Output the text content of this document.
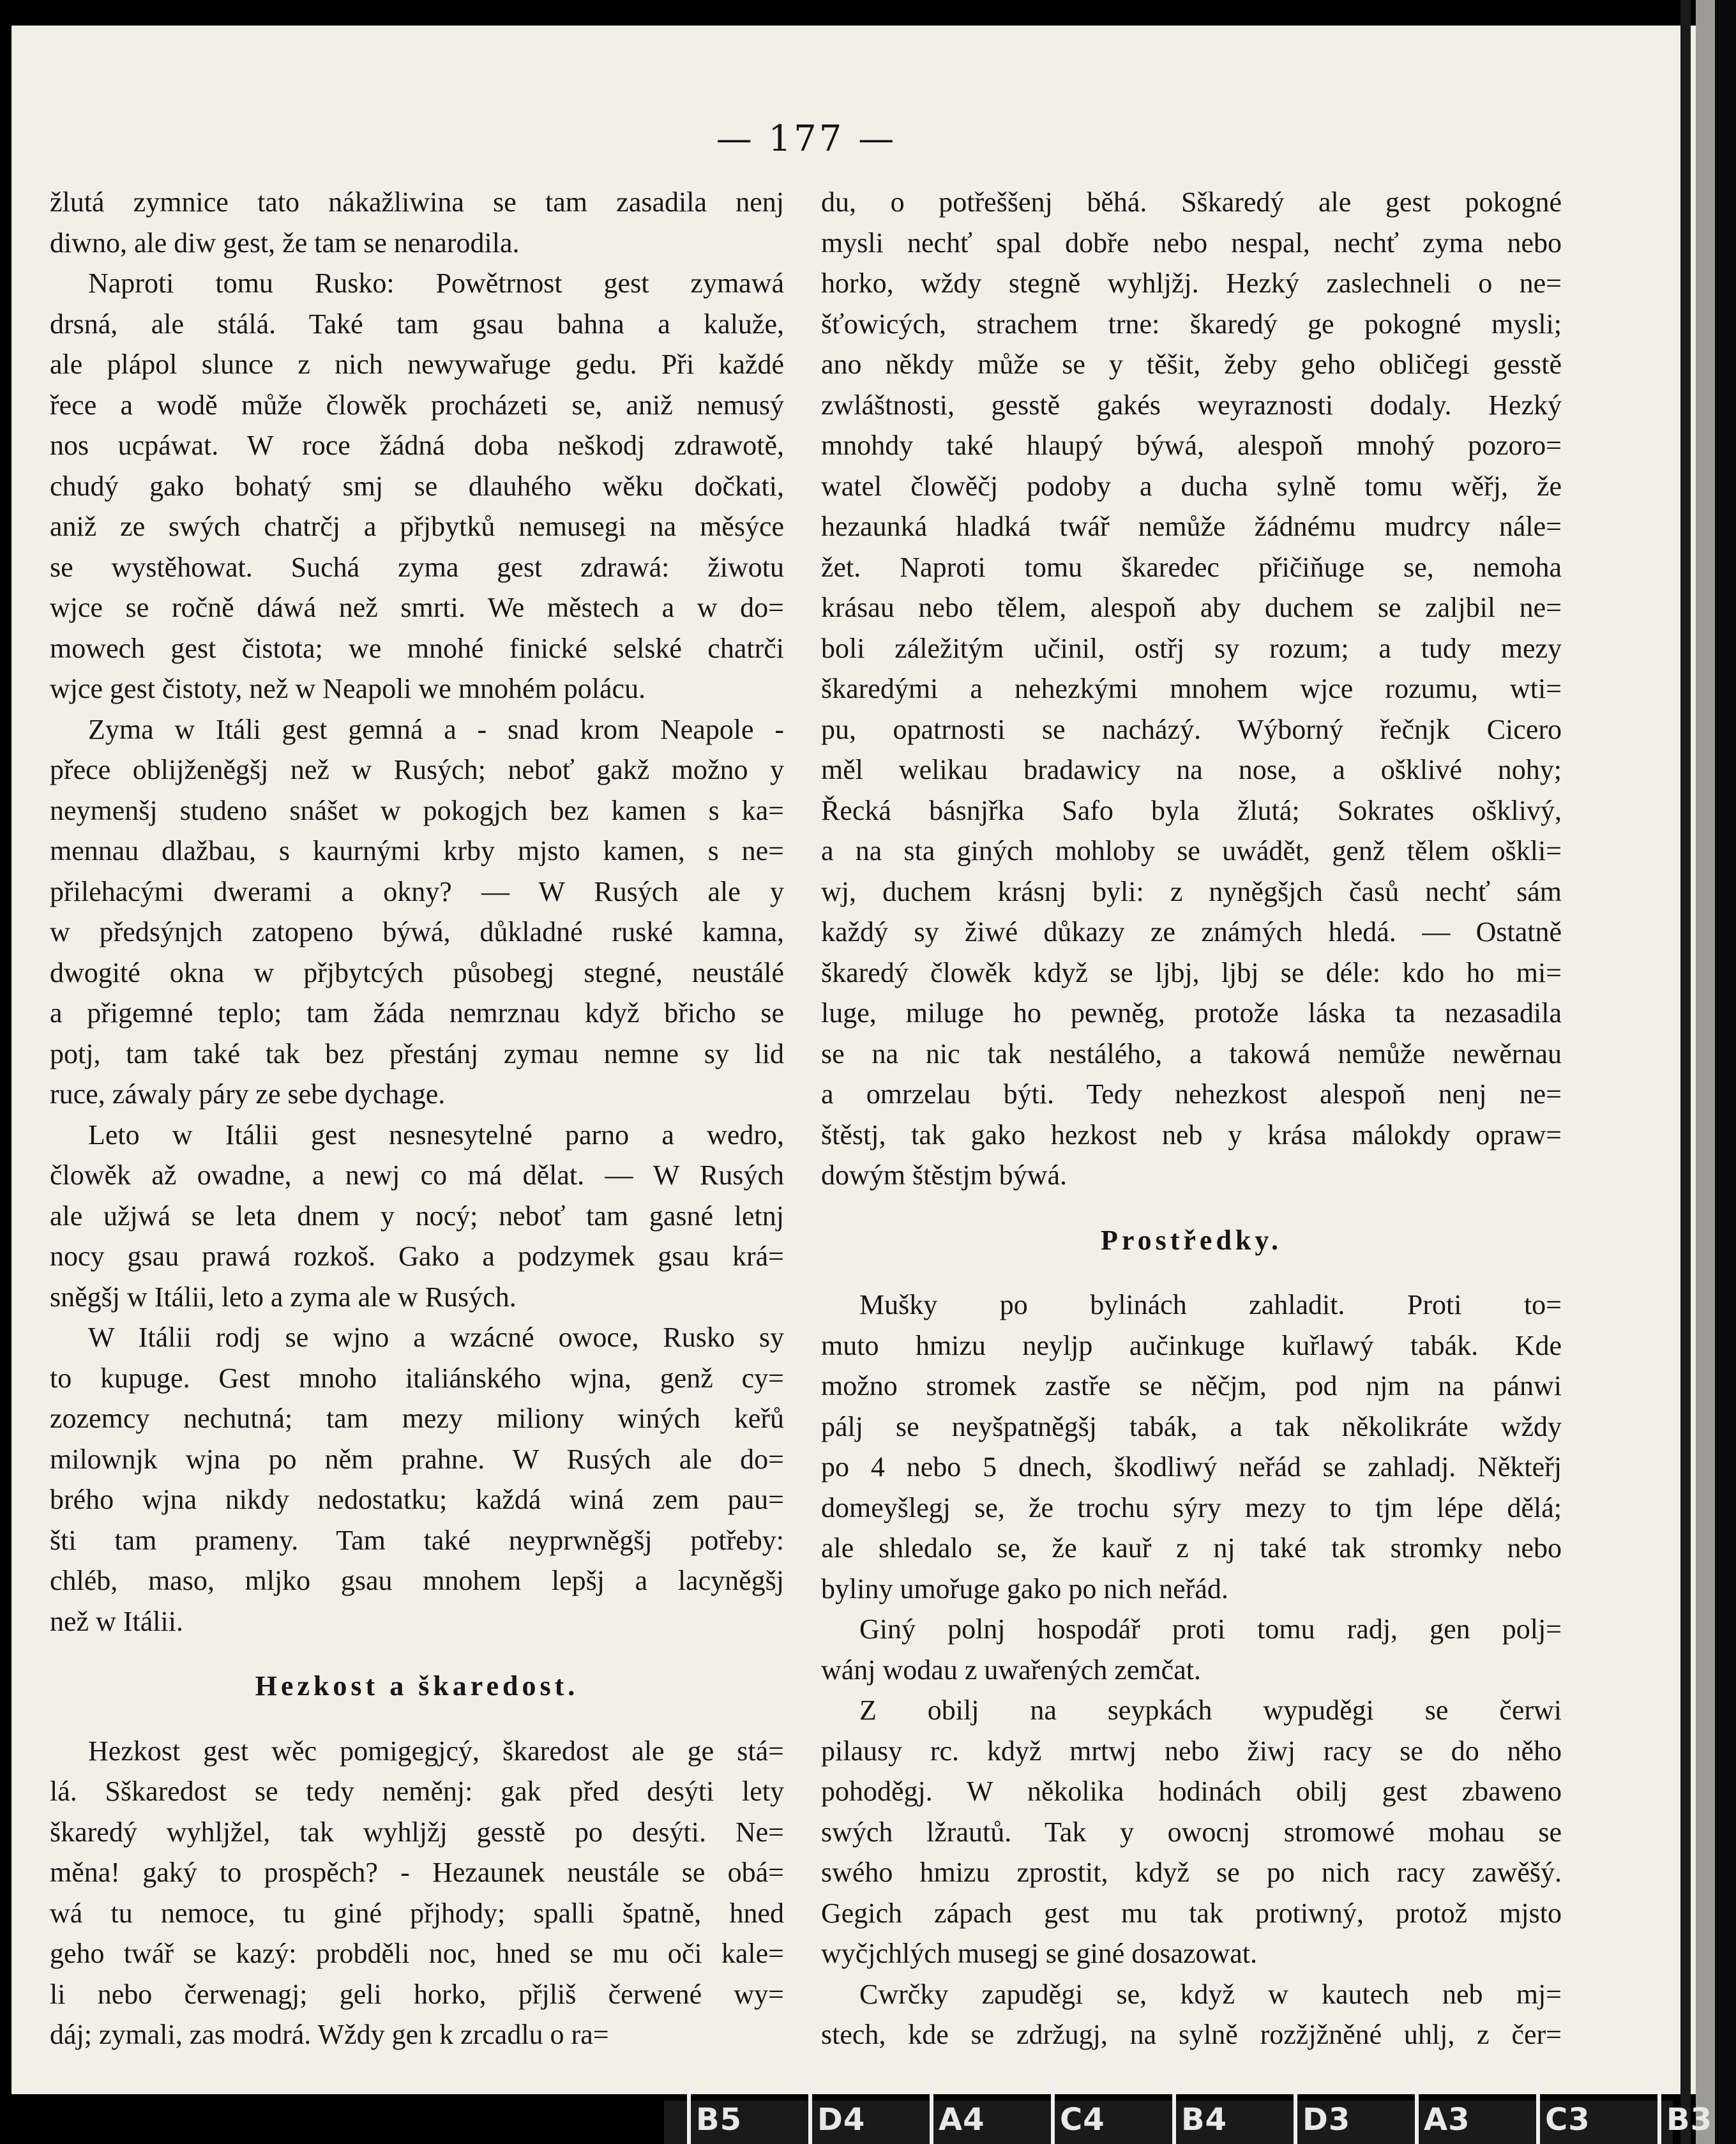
— 177 —
žlutá zymnice tato nákažliwina se tam zasadila nenj
diwno, ale diw gest, že tam se nenarodila.
Naproti tomu Rusko: Powětrnost gest zymawá
drsná, ale stálá. Také tam gsau bahna a kaluže,
ale plápol slunce z nich newywařuge gedu. Při každé
řece a wodě může člowěk procházeti se, aniž nemusý
nos ucpáwat. W roce žádná doba neškodj zdrawotě,
chudý gako bohatý smj se dlauhého wěku dočkati,
aniž ze swých chatrčj a přjbytků nemusegi na měsýce
se wystěhowat. Suchá zyma gest zdrawá: žiwotu
wjce se ročně dáwá než smrti. We městech a w do=
mowech gest čistota; we mnohé finické selské chatrči
wjce gest čistoty, než w Neapoli we mnohém polácu.
Zyma w Itáli gest gemná a - snad krom Neapole -
přece oblijženěgšj než w Rusých; neboť gakž možno y
neymenšj studeno snášet w pokogjch bez kamen s ka=
mennau dlažbau, s kaurnými krby mjsto kamen, s ne=
přilehacými dwerami a okny? — W Rusých ale y
w předsýnjch zatopeno býwá, důkladné ruské kamna,
dwogité okna w přjbytcých působegj stegné, neustálé
a přigemné teplo; tam žáda nemrznau když břicho se
potj, tam také tak bez přestánj zymau nemne sy lid
ruce, záwaly páry ze sebe dychage.
Leto w Itálii gest nesnesytelné parno a wedro,
člowěk až owadne, a newj co má dělat. — W Rusých
ale užjwá se leta dnem y nocý; neboť tam gasné letnj
nocy gsau prawá rozkoš. Gako a podzymek gsau krá=
sněgšj w Itálii, leto a zyma ale w Rusých.
W Itálii rodj se wjno a wzácné owoce, Rusko sy
to kupuge. Gest mnoho italiánského wjna, genž cy=
zozemcy nechutná; tam mezy miliony winých keřů
milownjk wjna po něm prahne. W Rusých ale do=
brého wjna nikdy nedostatku; každá winá zem pau=
šti tam prameny. Tam také neyprwněgšj potřeby:
chléb, maso, mljko gsau mnohem lepšj a lacyněgšj
než w Itálii.
Hezkost a škaredost.
Hezkost gest wěc pomigegjcý, škaredost ale ge stá=
lá. Sškaredost se tedy neměnj: gak před desýti lety
škaredý wyhljžel, tak wyhljžj gesstě po desýti. Ne=
měna! gaký to prospěch? - Hezaunek neustále se obá=
wá tu nemoce, tu giné přjhody; spalli špatně, hned
geho twář se kazý: probděli noc, hned se mu oči kale=
li nebo čerwenagj; geli horko, přjliš čerwené wy=
dáj; zymali, zas modrá. Wždy gen k zrcadlu o ra=
du, o potřeššenj běhá. Sškaredý ale gest pokogné
mysli nechť spal dobře nebo nespal, nechť zyma nebo
horko, wždy stegně wyhljžj. Hezký zaslechneli o ne=
šťowicých, strachem trne: škaredý ge pokogné mysli;
ano někdy může se y těšit, žeby geho obličegi gesstě
zwláštnosti, gesstě gakés weyraznosti dodaly. Hezký
mnohdy také hlaupý býwá, alespoň mnohý pozoro=
watel člowěčj podoby a ducha sylně tomu wěřj, že
hezaunká hladká twář nemůže žádnému mudrcy nále=
žet. Naproti tomu škaredec přičiňuge se, nemoha
krásau nebo tělem, alespoň aby duchem se zaljbil ne=
boli záležitým učinil, ostřj sy rozum; a tudy mezy
škaredými a nehezkými mnohem wjce rozumu, wti=
pu, opatrnosti se nacházý. Wýborný řečnjk Cicero
měl welikau bradawicy na nose, a ošklivé nohy;
Řecká básnjřka Safo byla žlutá; Sokrates ošklivý,
a na sta giných mohloby se uwádět, genž tělem oškli=
wj, duchem krásnj byli: z nyněgšjch časů nechť sám
každý sy žiwé důkazy ze známých hledá. — Ostatně
škaredý člowěk když se ljbj, ljbj se déle: kdo ho mi=
luge, miluge ho pewněg, protože láska ta nezasadila
se na nic tak nestálého, a takowá nemůže newěrnau
a omrzelau býti. Tedy nehezkost alespoň nenj ne=
štěstj, tak gako hezkost neb y krása málokdy opraw=
dowým štěstjm býwá.
Prostředky.
Mušky po bylinách zahladit. Proti to=
muto hmizu neyljp aučinkuge kuřlawý tabák. Kde
možno stromek zastře se něčjm, pod njm na pánwi
pálj se neyšpatněgšj tabák, a tak několikráte wždy
po 4 nebo 5 dnech, škodliwý neřád se zahladj. Někteřj
domeyšlegj se, že trochu sýry mezy to tjm lépe dělá;
ale shledalo se, že kauř z nj také tak stromky nebo
byliny umořuge gako po nich neřád.
Giný polnj hospodář proti tomu radj, gen polj=
wánj wodau z uwařených zemčat.
Z obilj na seypkách wypuděgi se čerwi
pilausy rc. když mrtwj nebo žiwj racy se do něho
pohoděgj. W několika hodinách obilj gest zbaweno
swých lžrautů. Tak y owocnj stromowé mohau se
swého hmizu zprostit, když se po nich racy zawěšý.
Gegich zápach gest mu tak protiwný, protož mjsto
wyčjchlých musegj se giné dosazowat.
Cwrčky zapuděgi se, když w kautech neb mj=
stech, kde se zdržugj, na sylně rozžjžněné uhlj, z čer=
B5 D4 A4 C4 B4 D3 A3 C3 B3
